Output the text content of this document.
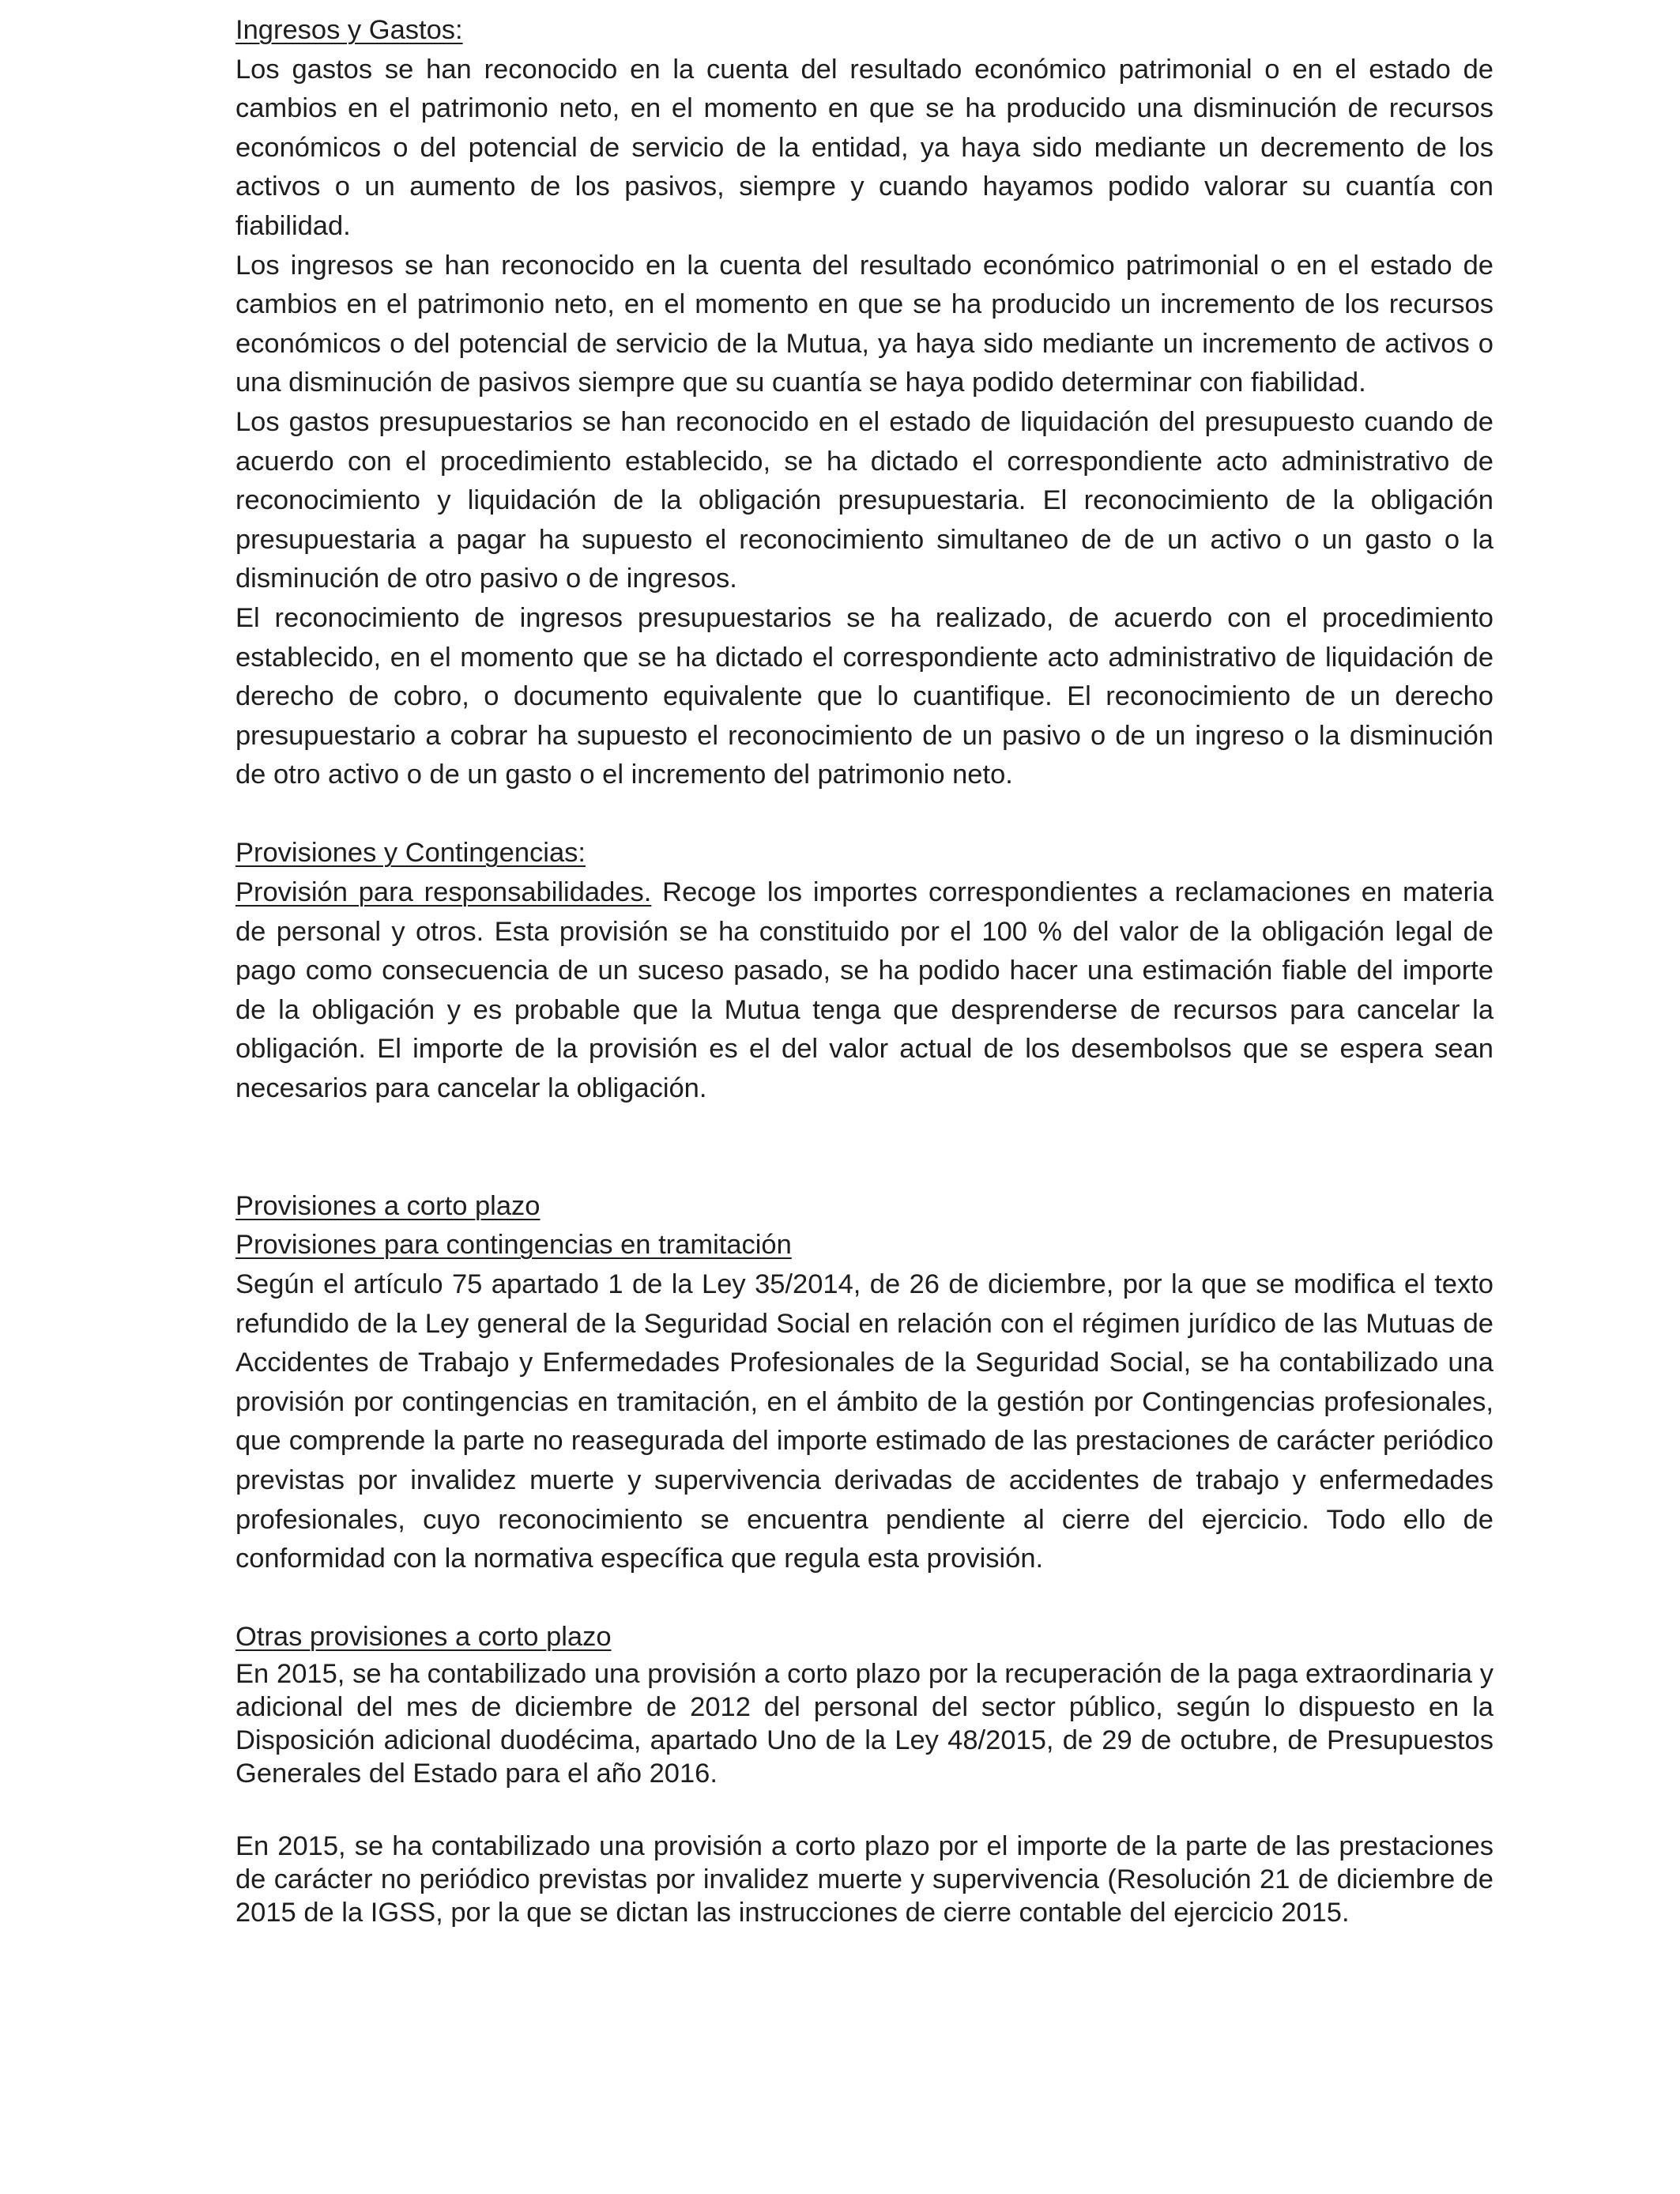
Ingresos y Gastos:

Los gastos se han reconocido en la cuenta del resultado económico patrimonial o en el estado de cambios en el patrimonio neto, en el momento en que se ha producido una disminución de recursos económicos o del potencial de servicio de la entidad, ya haya sido mediante un decremento de los activos o un aumento de los pasivos, siempre y cuando hayamos podido valorar su cuantía con fiabilidad.

Los ingresos se han reconocido en la cuenta del resultado económico patrimonial o en el estado de cambios en el patrimonio neto, en el momento en que se ha producido un incremento de los recursos económicos o del potencial de servicio de la Mutua, ya haya sido mediante un incremento de activos o una disminución de pasivos siempre que su cuantía se haya podido determinar con fiabilidad.

Los gastos presupuestarios se han reconocido en el estado de liquidación del presupuesto cuando de acuerdo con el procedimiento establecido, se ha dictado el correspondiente acto administrativo de reconocimiento y liquidación de la obligación presupuestaria. El reconocimiento de la obligación presupuestaria a pagar ha supuesto el reconocimiento simultaneo de de un activo o un gasto o la disminución de otro pasivo o de ingresos.

El reconocimiento de ingresos presupuestarios se ha realizado, de acuerdo con el procedimiento establecido, en el momento que se ha dictado el correspondiente acto administrativo de liquidación de derecho de cobro, o documento equivalente que lo cuantifique. El reconocimiento de un derecho presupuestario a cobrar ha supuesto el reconocimiento de un pasivo o de un ingreso o la disminución de otro activo o de un gasto o el incremento del patrimonio neto.

Provisiones y Contingencias:

Provisión para responsabilidades. Recoge los importes correspondientes a reclamaciones en materia de personal y otros. Esta provisión se ha constituido por el 100 % del valor de la obligación legal de pago como consecuencia de un suceso pasado, se ha podido hacer una estimación fiable del importe de la obligación y es probable que la Mutua tenga que desprenderse de recursos para cancelar la obligación. El importe de la provisión es el del valor actual de los desembolsos que se espera sean necesarios para cancelar la obligación.

Provisiones a corto plazo

Provisiones para contingencias en tramitación

Según el artículo 75 apartado 1 de la Ley 35/2014, de 26 de diciembre, por la que se modifica el texto refundido de la Ley general de la Seguridad Social en relación con el régimen jurídico de las Mutuas de Accidentes de Trabajo y Enfermedades Profesionales de la Seguridad Social, se ha contabilizado una provisión por contingencias en tramitación, en el ámbito de la gestión por Contingencias profesionales, que comprende la parte no reasegurada del importe estimado de las prestaciones de carácter periódico previstas por invalidez muerte y supervivencia derivadas de accidentes de trabajo y enfermedades profesionales, cuyo reconocimiento se encuentra pendiente al cierre del ejercicio. Todo ello de conformidad con la normativa específica que regula esta provisión.

Otras provisiones a corto plazo

En 2015, se ha contabilizado una provisión a corto plazo por la recuperación de la paga extraordinaria y adicional del mes de diciembre de 2012 del personal del sector público, según lo dispuesto en la Disposición adicional duodécima, apartado Uno de la Ley 48/2015, de 29 de octubre, de Presupuestos Generales del Estado para el año 2016.

En 2015, se ha contabilizado una provisión a corto plazo por el importe de la parte de las prestaciones de carácter no periódico previstas por invalidez muerte y supervivencia (Resolución 21 de diciembre de 2015 de la IGSS, por la que se dictan las instrucciones de cierre contable del ejercicio 2015.
